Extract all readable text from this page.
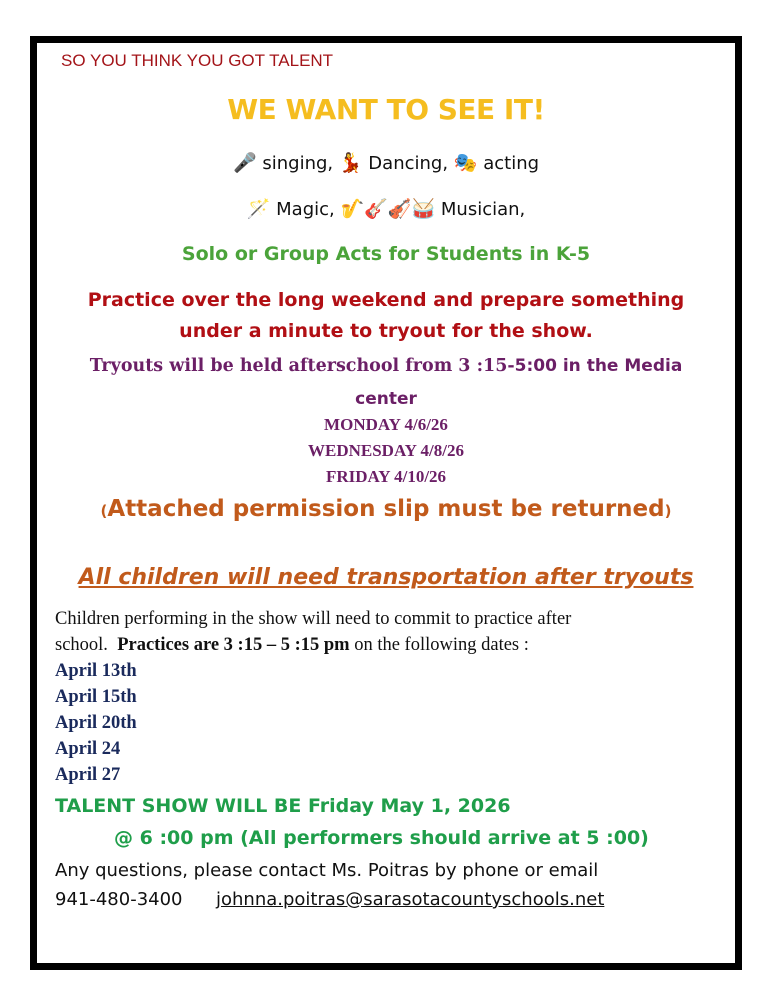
SO YOU THINK YOU GOT TALENT
WE WANT TO SEE IT!
🎤 singing, 💃 Dancing, 🎭 acting
🪄 Magic, 🎷🎸🎻🥁 Musician,
Solo or Group Acts for Students in K-5
Practice over the long weekend and prepare something
under a minute to tryout for the show.
Tryouts will be held afterschool from 3 :15-5:00 in the Media
center
MONDAY 4/6/26
WEDNESDAY 4/8/26
FRIDAY 4/10/26
(Attached permission slip must be returned)
All children will need transportation after tryouts
Children performing in the show will need to commit to practice after
school.  Practices are 3 :15 – 5 :15 pm on the following dates :
April 13th
April 15th
April 20th
April 24
April 27
TALENT SHOW WILL BE Friday May 1, 2026
@ 6 :00 pm (All performers should arrive at 5 :00)
Any questions, please contact Ms. Poitras by phone or email
941-480-3400 johnna.poitras@sarasotacountyschools.net
